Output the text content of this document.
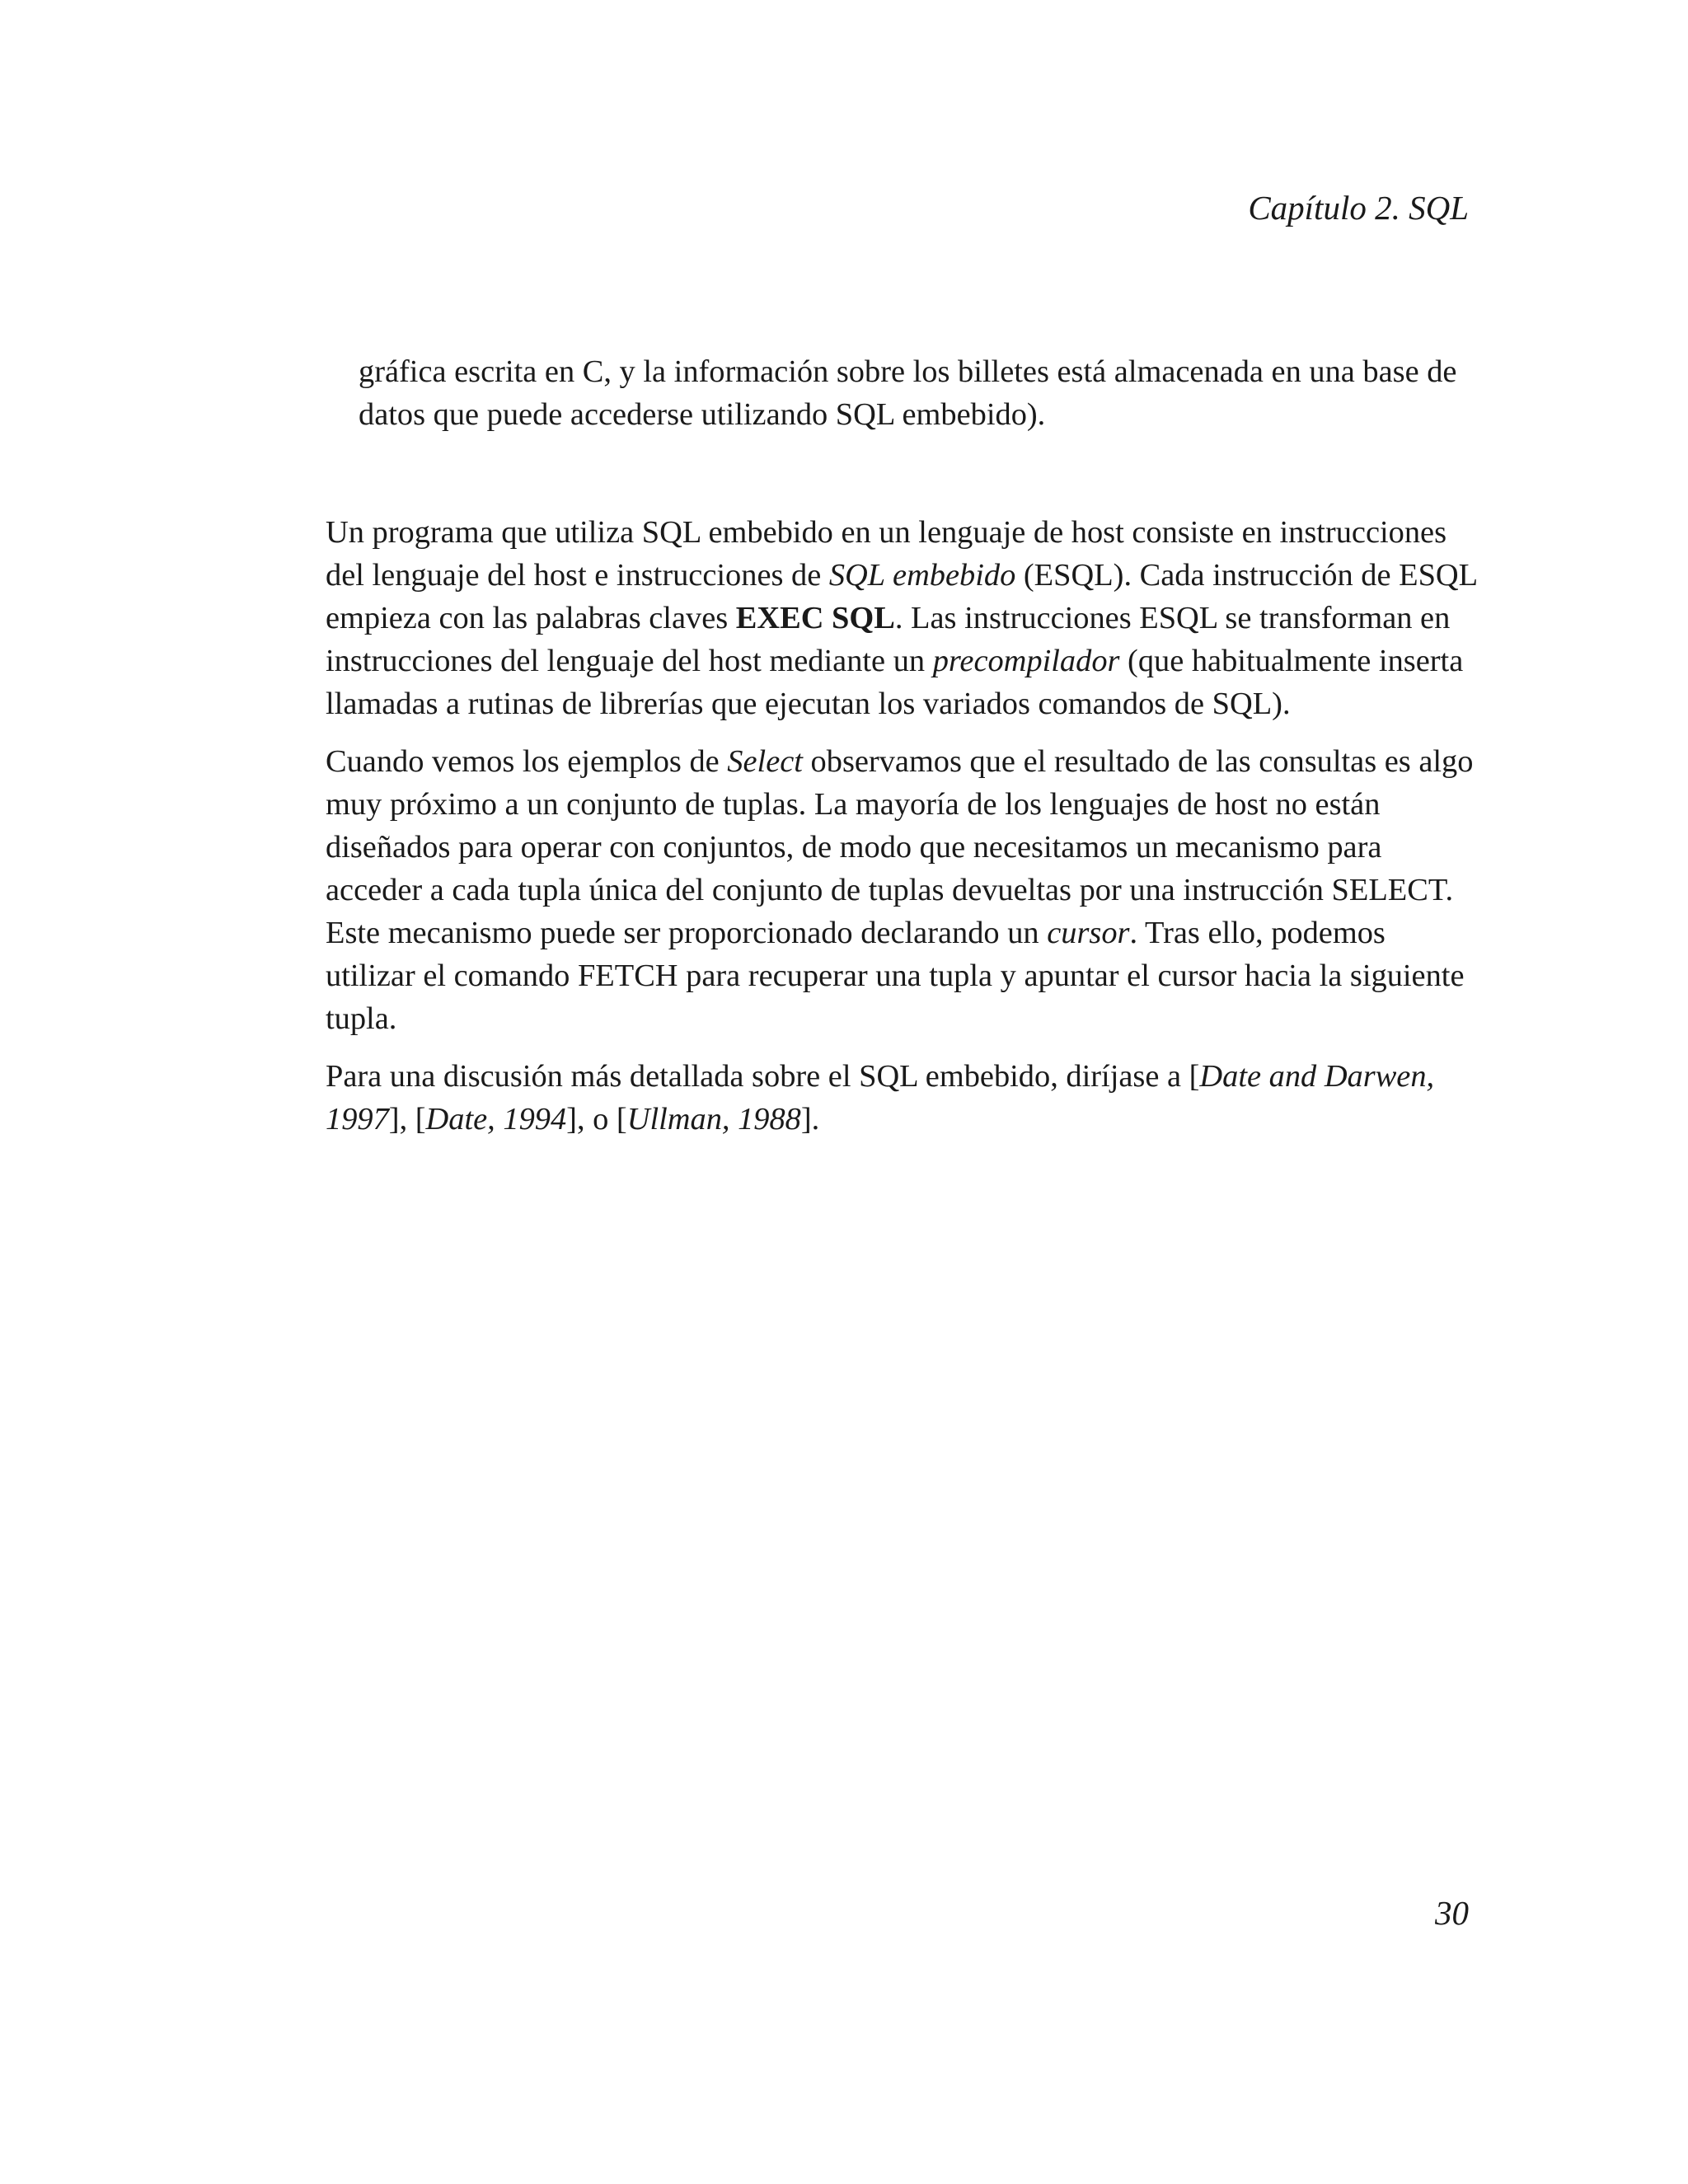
Capítulo 2. SQL

gráfica escrita en C, y la información sobre los billetes está almacenada en una base de datos que puede accederse utilizando SQL embebido).

Un programa que utiliza SQL embebido en un lenguaje de host consiste en instrucciones del lenguaje del host e instrucciones de SQL embebido (ESQL). Cada instrucción de ESQL empieza con las palabras claves EXEC SQL. Las instrucciones ESQL se transforman en instrucciones del lenguaje del host mediante un precompilador (que habitualmente inserta llamadas a rutinas de librerías que ejecutan los variados comandos de SQL).

Cuando vemos los ejemplos de Select observamos que el resultado de las consultas es algo muy próximo a un conjunto de tuplas. La mayoría de los lenguajes de host no están diseñados para operar con conjuntos, de modo que necesitamos un mecanismo para acceder a cada tupla única del conjunto de tuplas devueltas por una instrucción SELECT. Este mecanismo puede ser proporcionado declarando un cursor. Tras ello, podemos utilizar el comando FETCH para recuperar una tupla y apuntar el cursor hacia la siguiente tupla.

Para una discusión más detallada sobre el SQL embebido, diríjase a [Date and Darwen, 1997], [Date, 1994], o [Ullman, 1988].

30
